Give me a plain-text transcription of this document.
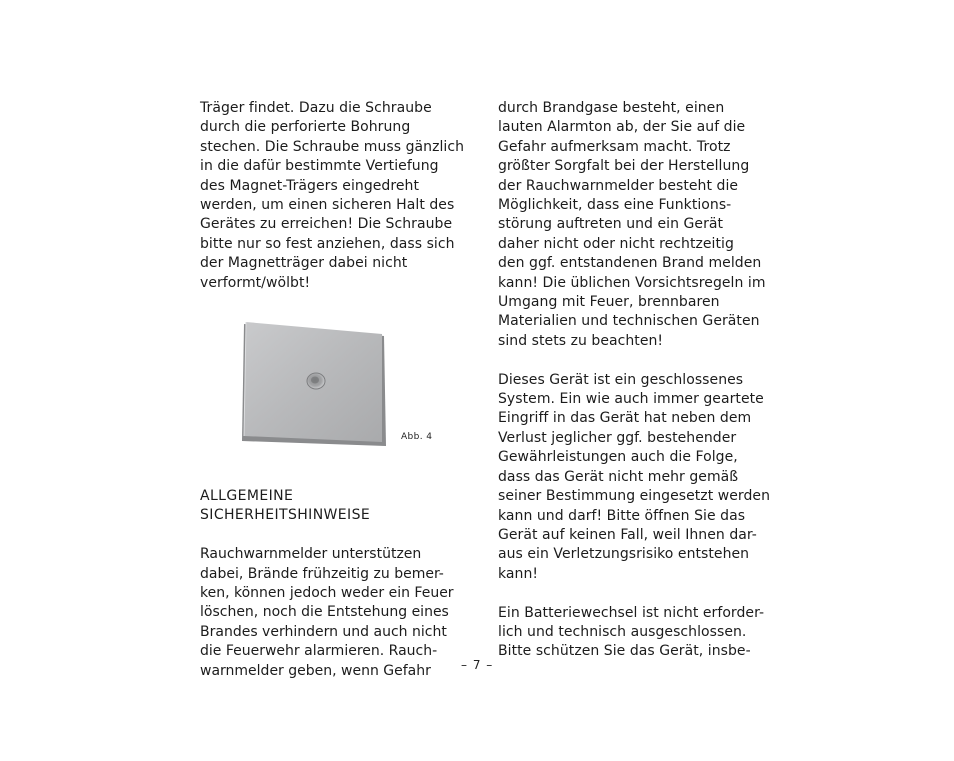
Träger findet. Dazu die Schraube
durch die perforierte Bohrung
stechen. Die Schraube muss gänzlich
in die dafür bestimmte Vertiefung
des Magnet-Trägers eingedreht
werden, um einen sicheren Halt des
Gerätes zu erreichen! Die Schraube
bitte nur so fest anziehen, dass sich
der Magnetträger dabei nicht
verformt/wölbt!

Abb. 4
ALLGEMEINE SICHERHEITSHINWEISE

Rauchwarnmelder unterstützen
dabei, Brände frühzeitig zu bemer-
ken, können jedoch weder ein Feuer
löschen, noch die Entstehung eines
Brandes verhindern und auch nicht
die Feuerwehr alarmieren. Rauch-
warnmelder geben, wenn Gefahr

durch Brandgase besteht, einen
lauten Alarmton ab, der Sie auf die
Gefahr aufmerksam macht. Trotz
größter Sorgfalt bei der Herstellung
der Rauchwarnmelder besteht die
Möglichkeit, dass eine Funktions-
störung auftreten und ein Gerät
daher nicht oder nicht rechtzeitig
den ggf. entstandenen Brand melden
kann! Die üblichen Vorsichtsregeln im
Umgang mit Feuer, brennbaren
Materialien und technischen Geräten
sind stets zu beachten!

Dieses Gerät ist ein geschlossenes
System. Ein wie auch immer geartete
Eingriff in das Gerät hat neben dem
Verlust jeglicher ggf. bestehender
Gewährleistungen auch die Folge,
dass das Gerät nicht mehr gemäß
seiner Bestimmung eingesetzt werden
kann und darf! Bitte öffnen Sie das
Gerät auf keinen Fall, weil Ihnen dar-
aus ein Verletzungsrisiko entstehen
kann!

Ein Batteriewechsel ist nicht erforder-
lich und technisch ausgeschlossen.
Bitte schützen Sie das Gerät, insbe-

– 7 –
